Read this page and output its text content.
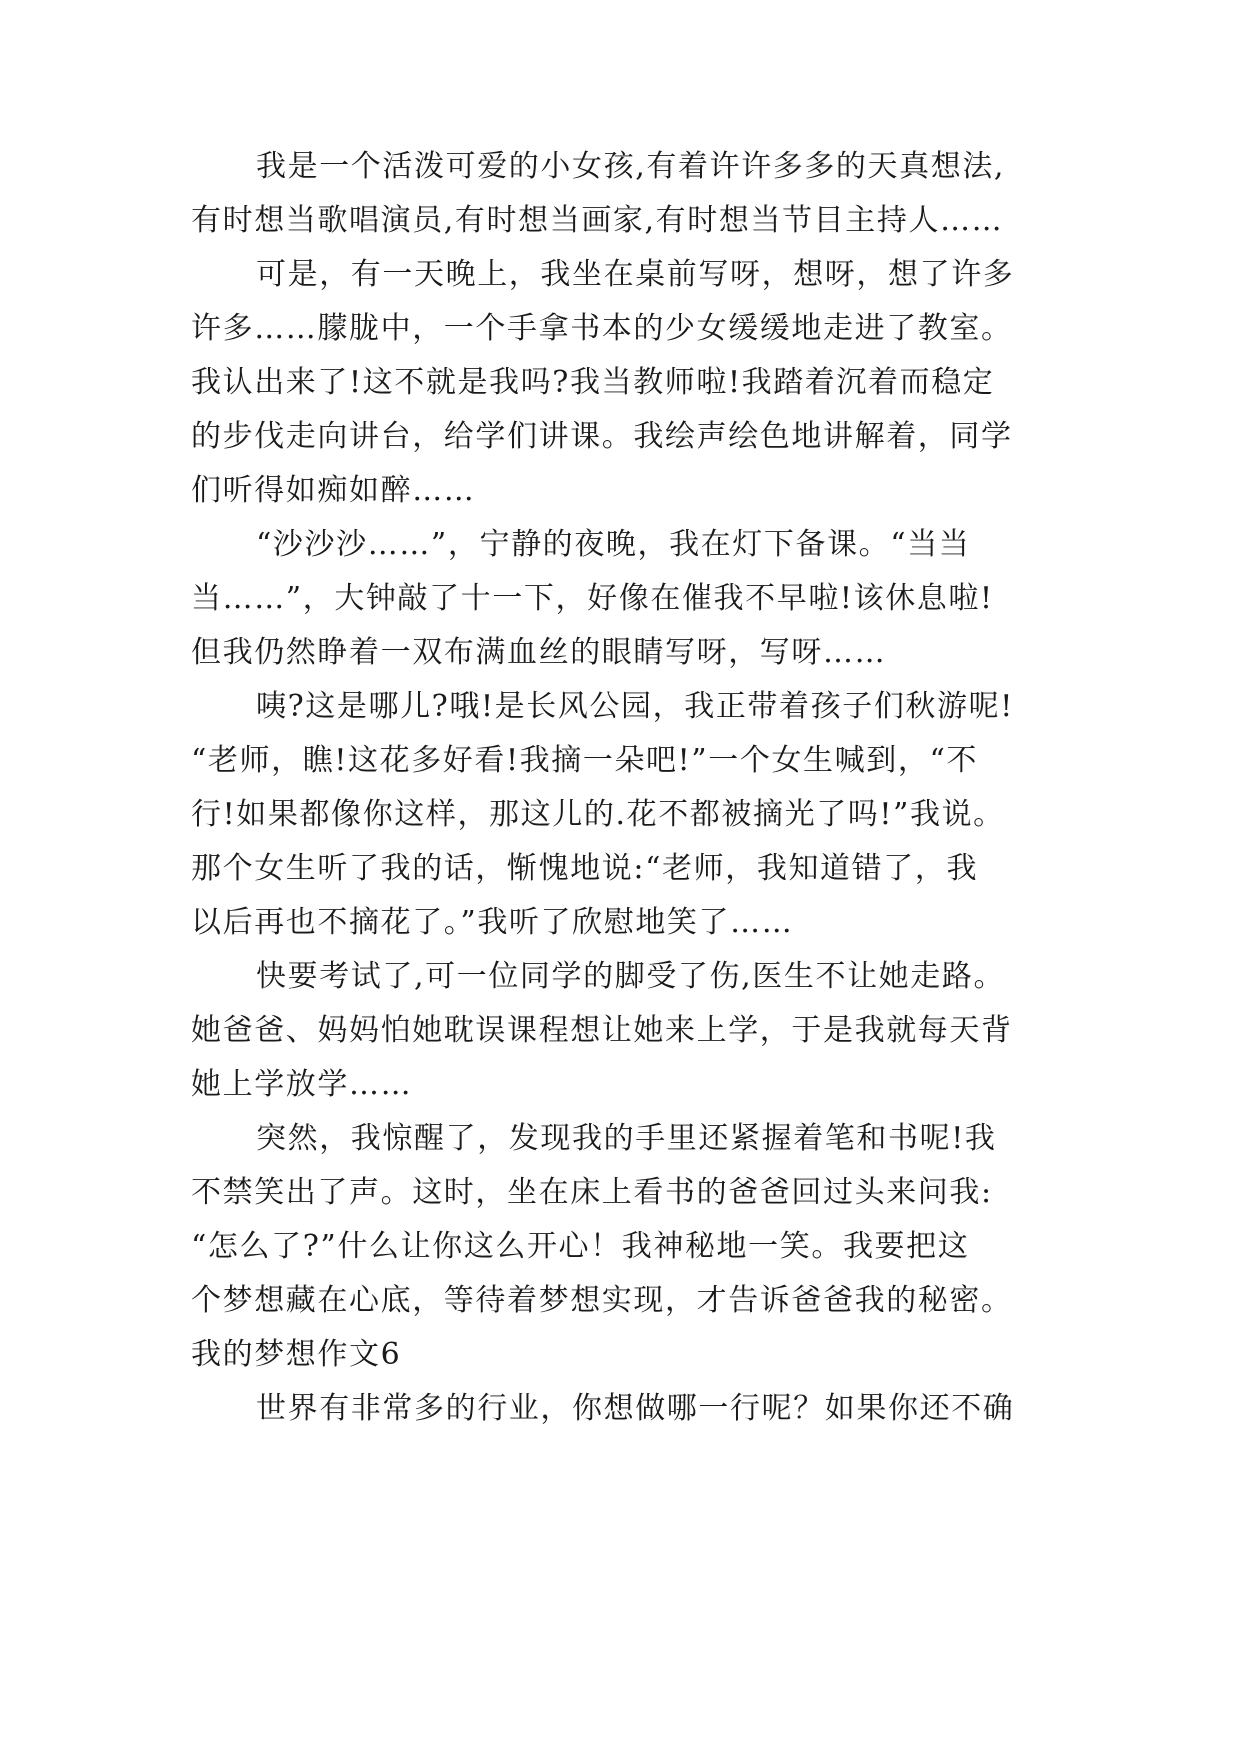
我是一个活泼可爱的小女孩,有着许许多多的天真想法,
有时想当歌唱演员,有时想当画家,有时想当节目主持人……
可是，有一天晚上，我坐在桌前写呀，想呀，想了许多
许多……朦胧中，一个手拿书本的少女缓缓地走进了教室。
我认出来了!这不就是我吗?我当教师啦!我踏着沉着而稳定
的步伐走向讲台，给学们讲课。我绘声绘色地讲解着，同学
们听得如痴如醉……
“沙沙沙……”，宁静的夜晚，我在灯下备课。“当当
当……”，大钟敲了十一下，好像在催我不早啦!该休息啦!
但我仍然睁着一双布满血丝的眼睛写呀，写呀……
咦?这是哪儿?哦!是长风公园，我正带着孩子们秋游呢!
“老师，瞧!这花多好看!我摘一朵吧!”一个女生喊到，“不
行!如果都像你这样，那这儿的.花不都被摘光了吗!”我说。
那个女生听了我的话，惭愧地说:“老师，我知道错了，我
以后再也不摘花了。”我听了欣慰地笑了……
快要考试了,可一位同学的脚受了伤,医生不让她走路。
她爸爸、妈妈怕她耽误课程想让她来上学，于是我就每天背
她上学放学……
突然，我惊醒了，发现我的手里还紧握着笔和书呢!我
不禁笑出了声。这时，坐在床上看书的爸爸回过头来问我:
“怎么了?”什么让你这么开心！我神秘地一笑。我要把这
个梦想藏在心底，等待着梦想实现，才告诉爸爸我的秘密。
我的梦想作文6
世界有非常多的行业，你想做哪一行呢？如果你还不确
